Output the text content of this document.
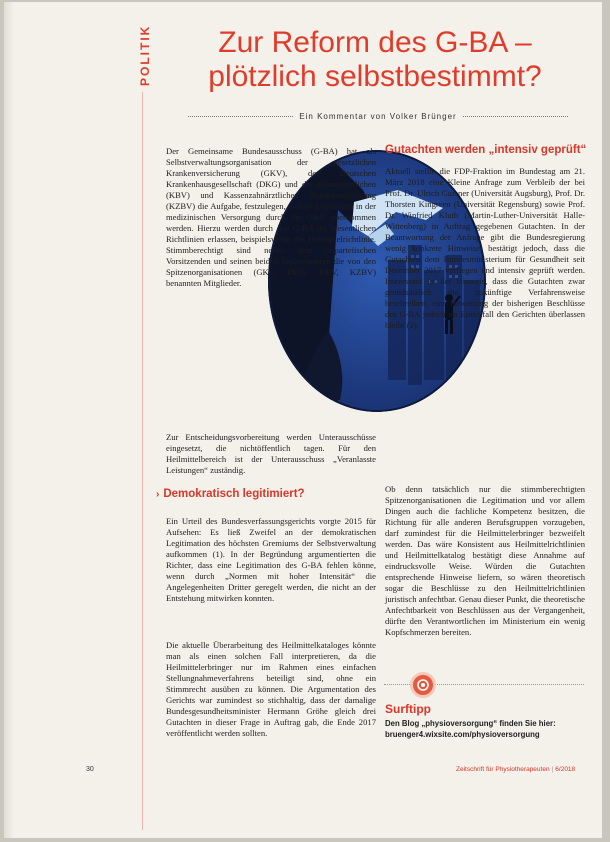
POLITIK	Zur Reform des G-BA –
plötzlich selbstbestimmt?
Ein Kommentar von Volker Brünger
Der Gemeinsame Bundesausschuss (G-BA) hat als Selbstverwaltungsorganisation der gesetzlichen Krankenversicherung (GKV), der Deutschen Krankenhausgesellschaft (DKG) und der Kassenärztlichen (KBV) und Kassenzahnärztlichen Bundesvereinigung (KZBV) die Aufgabe, festzulegen, welche Leistungen in der medizinischen Versorgung durch die GKV übernommen werden. Hierzu werden durch den G-BA im Wesentlichen Richtlinien erlassen, beispielsweise die Heilmittelrichtlinie. Stimmberechtigt sind neben dem unparteiischen Vorsitzenden und seinen beiden Stellvertretern die von den Spitzenorganisationen (GKV, DKG, KBV, KZBV) benannten Mitglieder.
Zur Entscheidungsvorbereitung werden Unterausschüsse eingesetzt, die nichtöffentlich tagen. Für den Heilmittelbereich ist der Unterausschuss „Veranlasste Leistungen“ zuständig.
› Demokratisch legitimiert?
Ein Urteil des Bundesverfassungsgerichts vorgte 2015 für Aufsehen: Es ließ Zweifel an der demokratischen Legitimation des höchsten Gremiums der Selbstverwaltung aufkommen (1). In der Begründung argumentierten die Richter, dass eine Legitimation des G-BA fehlen könne, wenn durch „Normen mit hoher Intensität“ die Angelegenheiten Dritter geregelt werden, die nicht an der Entstehung mitwirken konnten.
Die aktuelle Überarbeitung des Heilmittelkataloges könnte man als einen solchen Fall interpretieren, da die Heilmittelerbringer nur im Rahmen eines einfachen Stellungnahmeverfahrens beteiligt sind, ohne ein Stimmrecht ausüben zu können. Die Argumentation des Gerichts war zumindest so stichhaltig, dass der damalige Bundesgesundheitsminister Hermann Gröhe gleich drei Gutachten in dieser Frage in Auftrag gab, die Ende 2017 veröffentlicht werden sollten.
Gutachten werden „intensiv geprüft“
Aktuell stellte die FDP-Fraktion im Bundestag am 21. März 2018 eine Kleine Anfrage zum Verbleib der bei Prof. Dr. Ulrich Gassner (Universität Augsburg), Prof. Dr. Thorsten Kingreen (Universität Regensburg) sowie Prof. Dr. Winfried Kluth (Martin-Luther-Universität Halle-Wittenberg) in Auftrag gegebenen Gutachten. In der Beantwortung der Anfrage gibt die Bundesregierung wenig konkrete Hinweise, bestätigt jedoch, dass die Gutachten dem Bundesministerium für Gesundheit seit Dezember 2017 vorliegen und intensiv geprüft werden. Interessant ist der Hinweis, dass die Gutachten zwar grundsätzlich die zukünftige Verfahrensweise beschreiben, eine Bewertung der bisherigen Beschlüsse des G-BA jedoch im Einzelfall den Gerichten überlassen bleibt (2).
Ob denn tatsächlich nur die stimmberechtigten Spitzenorganisationen die Legitimation und vor allem Dingen auch die fachliche Kompetenz besitzen, die Richtung für alle anderen Berufsgruppen vorzugeben, darf zumindest für die Heilmittelerbringer bezweifelt werden. Das wäre Konsistent aus Heilmittelrichtlinien und Heilmittelkatalog bestätigt diese Annahme auf eindrucksvolle Weise. Würden die Gutachten entsprechende Hinweise liefern, so wären theoretisch sogar die Beschlüsse zu den Heilmittelrichtlinien juristisch anfechtbar. Genau dieser Punkt, die theoretische Anfechtbarkeit von Beschlüssen aus der Vergangenheit, dürfte den Verantwortlichen im Ministerium ein wenig Kopfschmerzen bereiten.
Surftipp
Den Blog „physioversorgung“ finden Sie hier:
bruenger4.wixsite.com/physioversorgung
30	Zeitschrift für Physiotherapeuten | 6/2018
